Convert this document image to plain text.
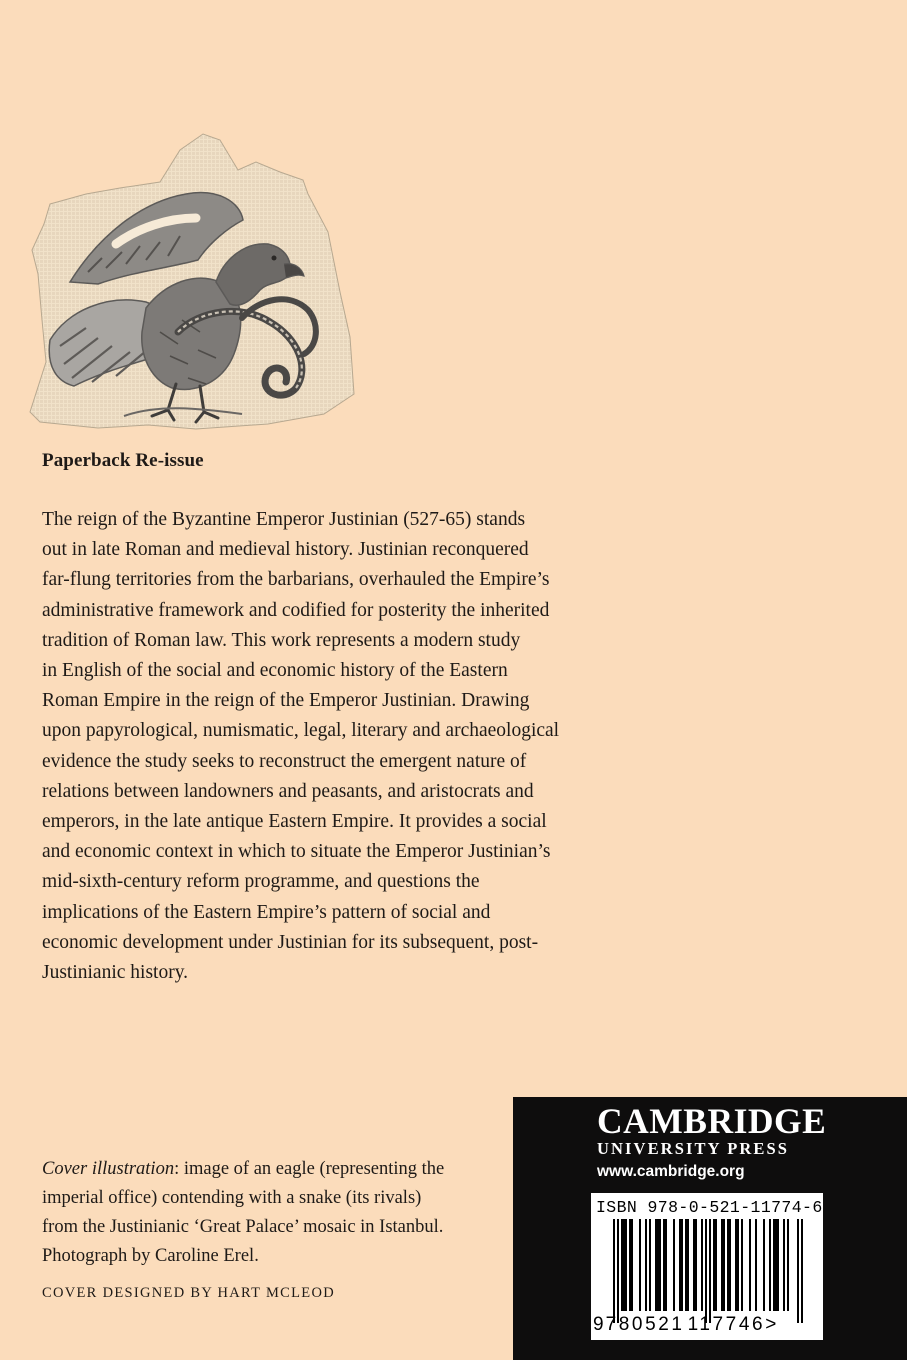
Paperback Re-issue

The reign of the Byzantine Emperor Justinian (527-65) stands
out in late Roman and medieval history. Justinian reconquered
far-flung territories from the barbarians, overhauled the Empire’s
administrative framework and codified for posterity the inherited
tradition of Roman law. This work represents a modern study
in English of the social and economic history of the Eastern
Roman Empire in the reign of the Emperor Justinian. Drawing
upon papyrological, numismatic, legal, literary and archaeological
evidence the study seeks to reconstruct the emergent nature of
relations between landowners and peasants, and aristocrats and
emperors, in the late antique Eastern Empire. It provides a social
and economic context in which to situate the Emperor Justinian’s
mid-sixth-century reform programme, and questions the
implications of the Eastern Empire’s pattern of social and
economic development under Justinian for its subsequent, post-
Justinianic history.

Cover illustration: image of an eagle (representing the
imperial office) contending with a snake (its rivals)
from the Justinianic ‘Great Palace’ mosaic in Istanbul.
Photograph by Caroline Erel.

COVER DESIGNED BY HART MCLEOD

CAMBRIDGE

UNIVERSITY PRESS

www.cambridge.org

ISBN 978-0-521-11774-6

9 780521 117746>
